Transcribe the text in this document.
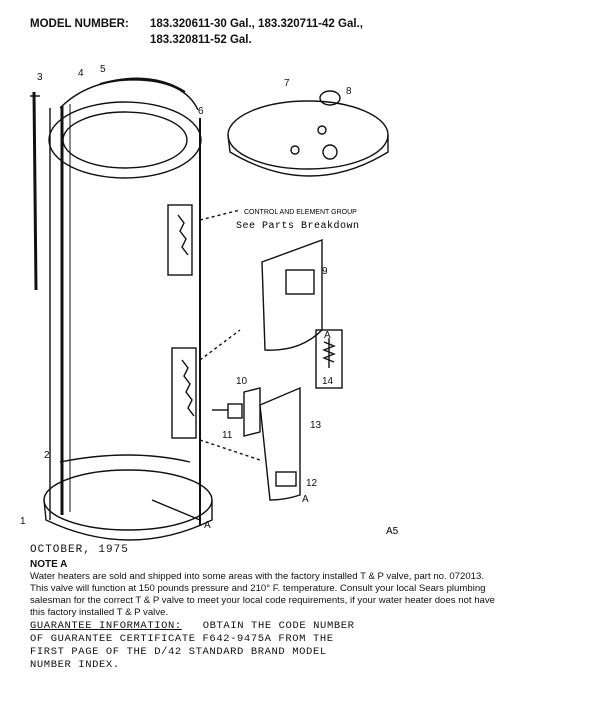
MODEL NUMBER: 183.320611-30 Gal., 183.320711-42 Gal.,
183.320811-52 Gal.
1
2
3	4 5
6
7
8
9
10
11
12
13
14
A
A
A
CONTROL AND ELEMENT GROUP
See Parts Breakdown
A5
OCTOBER, 1975
NOTE A
Water heaters are sold and shipped into some areas with the factory installed T & P valve, part no. 072013.
This valve will function at 150 pounds pressure and 210° F. temperature. Consult your local Sears plumbing
salesman for the correct T & P valve to meet your local code requirements, if your water heater does not have
this factory installed T & P valve.
GUARANTEE INFORMATION: OBTAIN THE CODE NUMBER
OF GUARANTEE CERTIFICATE F642-9475A FROM THE
FIRST PAGE OF THE D/42 STANDARD BRAND MODEL
NUMBER INDEX.
